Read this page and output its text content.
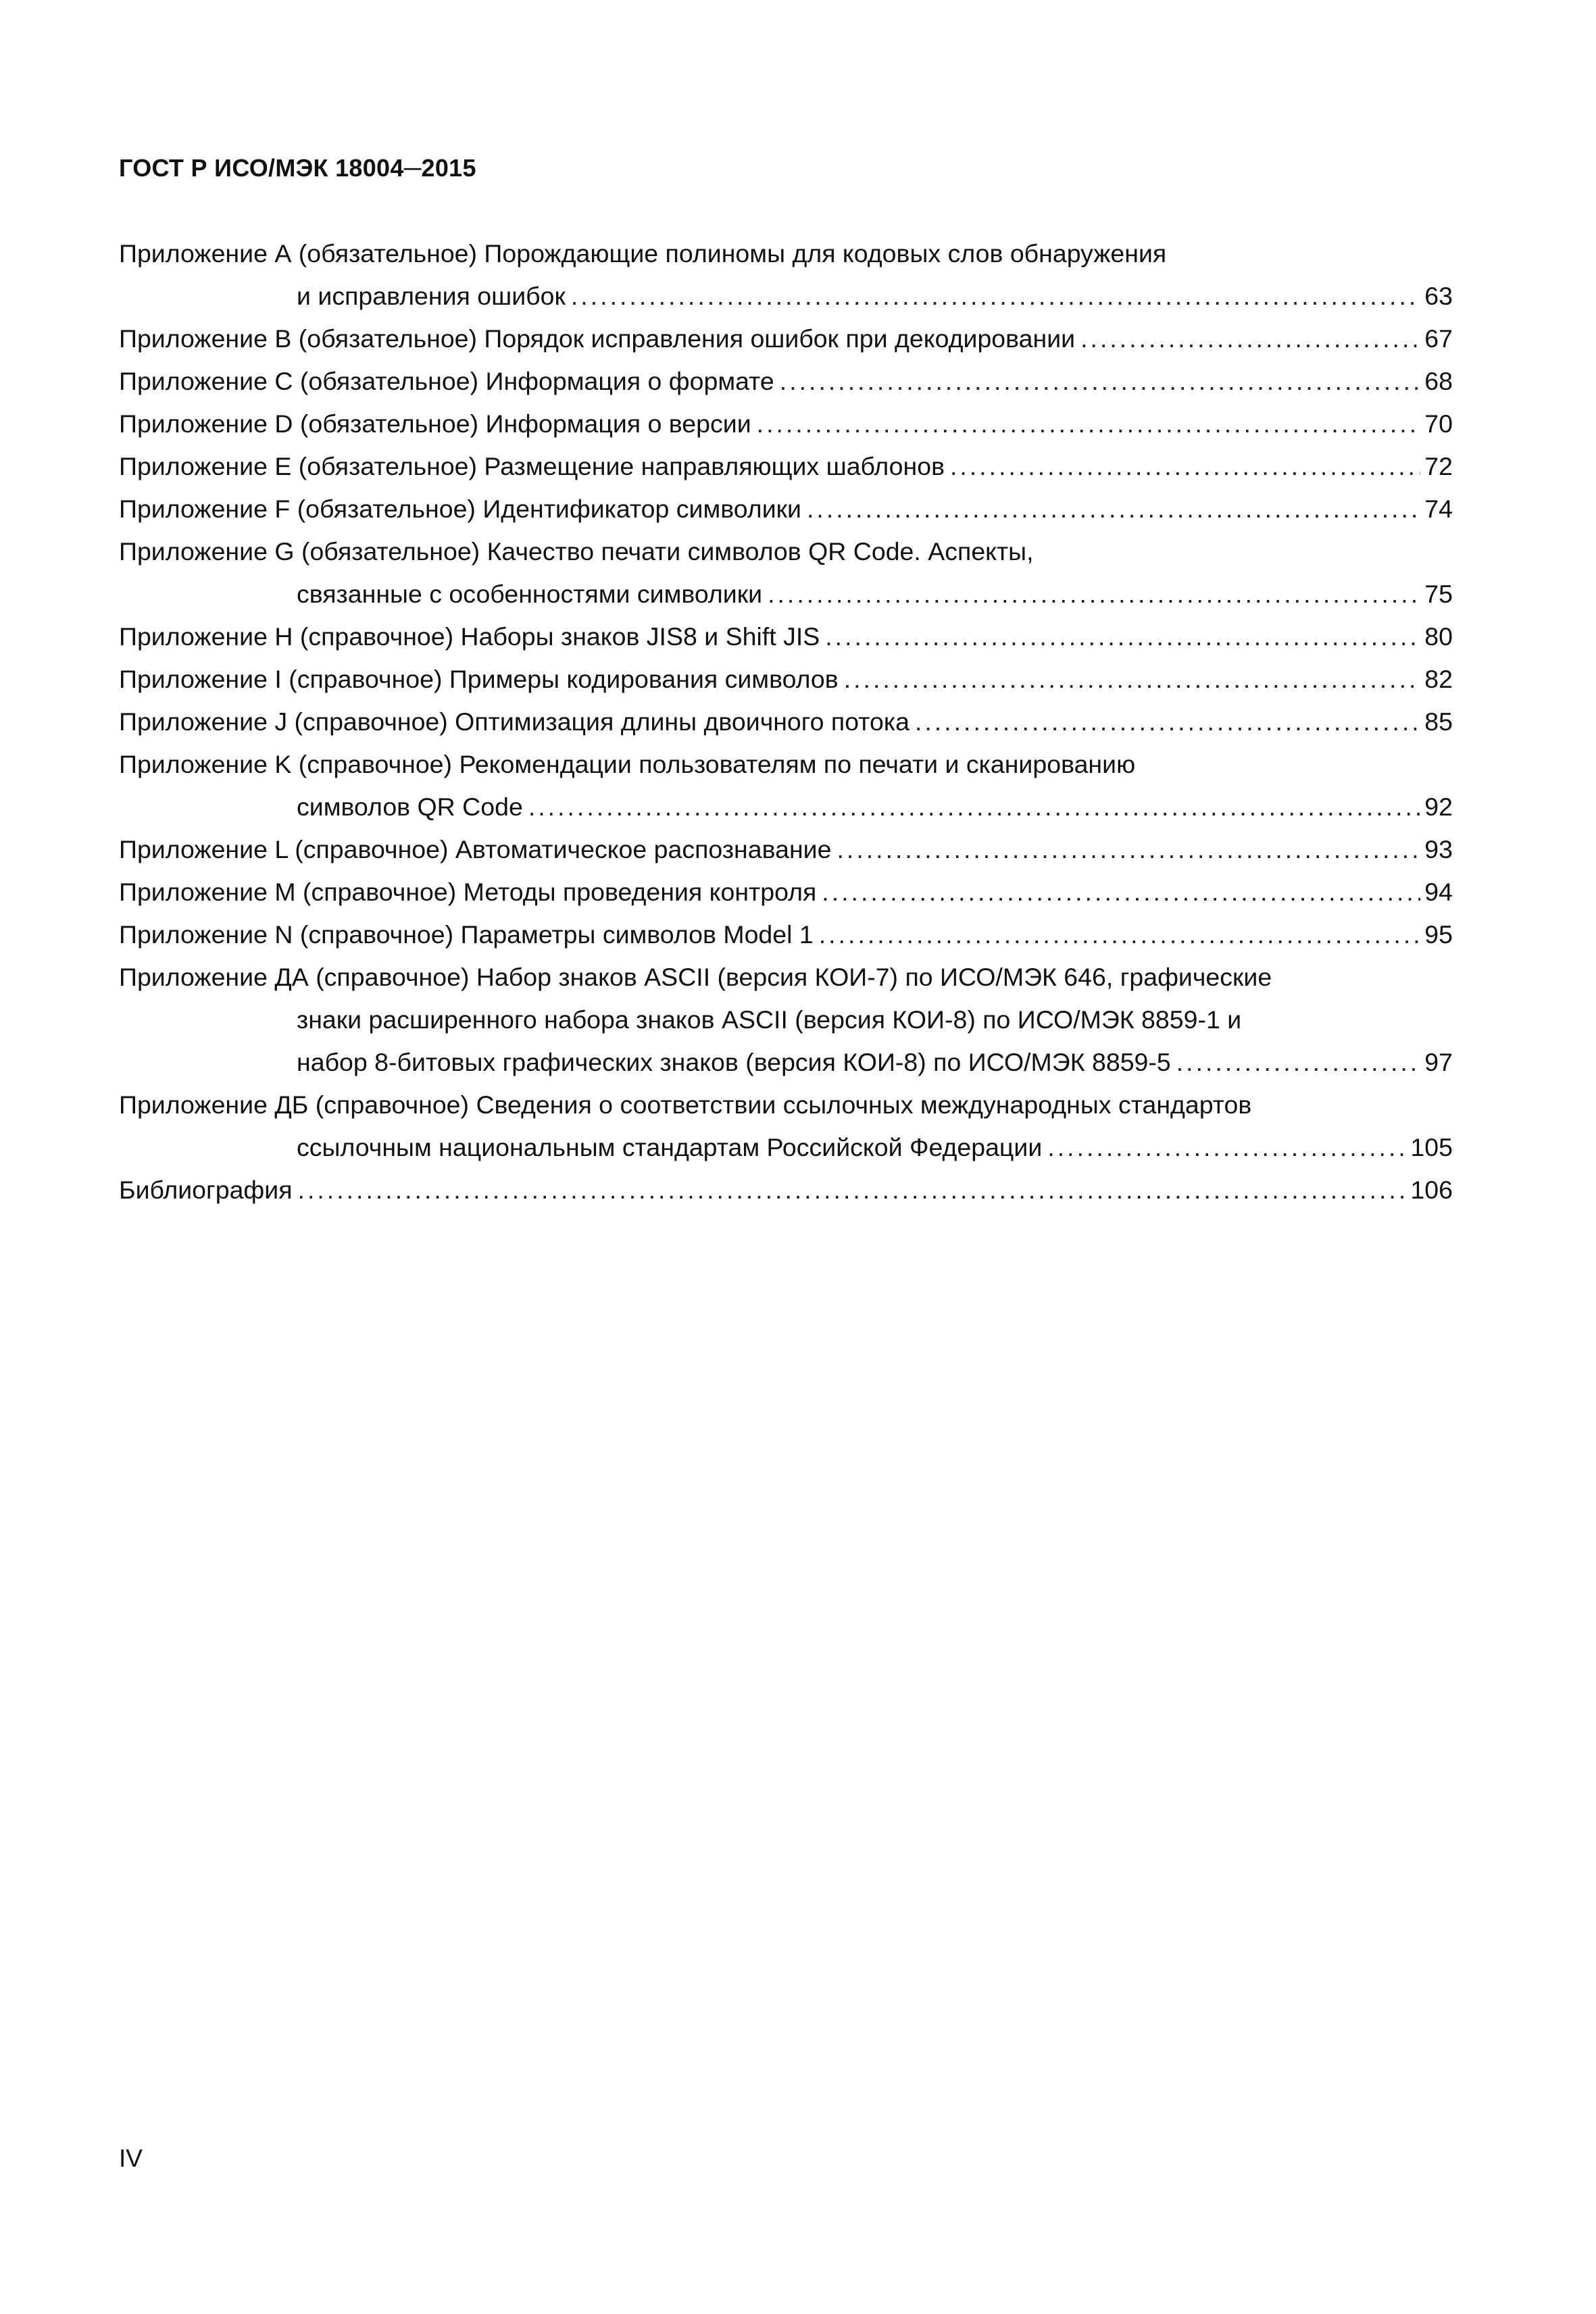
ГОСТ Р ИСО/МЭК 18004─2015
Приложение А (обязательное) Порождающие полиномы для кодовых слов обнаружения
и исправления ошибок .....	63
Приложение В (обязательное) Порядок исправления ошибок при декодировании .....	67
Приложение С (обязательное) Информация о формате .....	68
Приложение D (обязательное) Информация о версии .....	70
Приложение Е (обязательное) Размещение направляющих шаблонов .....	72
Приложение F (обязательное) Идентификатор символики .....	74
Приложение G (обязательное) Качество печати символов QR Code. Аспекты,
связанные с особенностями символики .....	75
Приложение Н (справочное) Наборы знаков JIS8 и Shift JIS .....	80
Приложение I (справочное) Примеры кодирования символов .....	82
Приложение J (справочное) Оптимизация длины двоичного потока .....	85
Приложение K (справочное) Рекомендации пользователям по печати и сканированию
символов QR Code .....	92
Приложение L (справочное) Автоматическое распознавание .....	93
Приложение М (справочное) Методы проведения контроля .....	94
Приложение N (справочное) Параметры символов Model 1 .....	95
Приложение ДА (справочное) Набор знаков ASCII (версия КОИ-7) по ИСО/МЭК 646, графические
знаки расширенного набора знаков ASCII (версия КОИ-8) по ИСО/МЭК 8859-1 и
набор 8-битовых графических знаков (версия КОИ-8) по ИСО/МЭК 8859-5 .....	97
Приложение ДБ (справочное) Сведения о соответствии ссылочных международных стандартов
ссылочным национальным стандартам Российской Федерации .....	105
Библиография .....	106
IV
